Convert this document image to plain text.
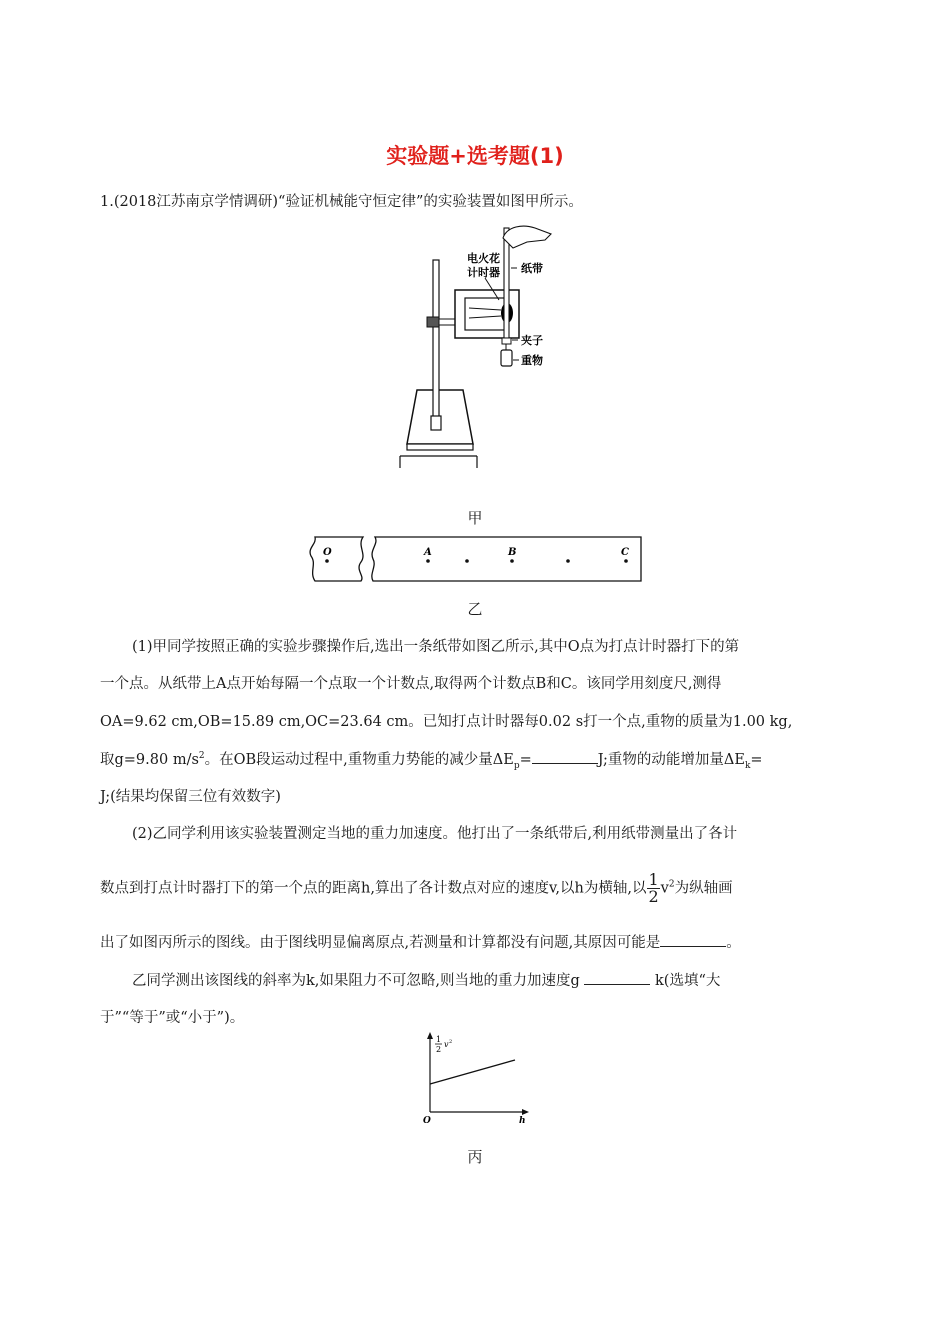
实验题+选考题(1)
1.(2018江苏南京学情调研)“验证机械能守恒定律”的实验装置如图甲所示。
电火花
计时器 纸带
夹子
重物
甲
O	A	B	C
乙
(1)甲同学按照正确的实验步骤操作后,选出一条纸带如图乙所示,其中O点为打点计时器打下的第
一个点。从纸带上A点开始每隔一个点取一个计数点,取得两个计数点B和C。该同学用刻度尺,测得
OA=9.62 cm,OB=15.89 cm,OC=23.64 cm。已知打点计时器每0.02 s打一个点,重物的质量为1.00 kg,
取g=9.80 $m/s^2$。在OB段运动过程中,重物重力势能的减少量$\Delta E_p=$	J;重物的动能增加量$\Delta E_k=$
J;(结果均保留三位有效数字)
(2)乙同学利用该实验装置测定当地的重力加速度。他打出了一条纸带后,利用纸带测量出了各计
数点到打点计时器打下的第一个点的距离h,算出了各计数点对应的速度v,以h为横轴,以 $\frac{1}{2} v^2$为纵轴画
出了如图丙所示的图线。由于图线明显偏离原点,若测量和计算都没有问题,其原因可能是	。
乙同学测出该图线的斜率为k,如果阻力不可忽略,则当地的重力加速度g	k(选填“大
于”“等于”或“小于”)。
1
2
v 2
O	h
丙
